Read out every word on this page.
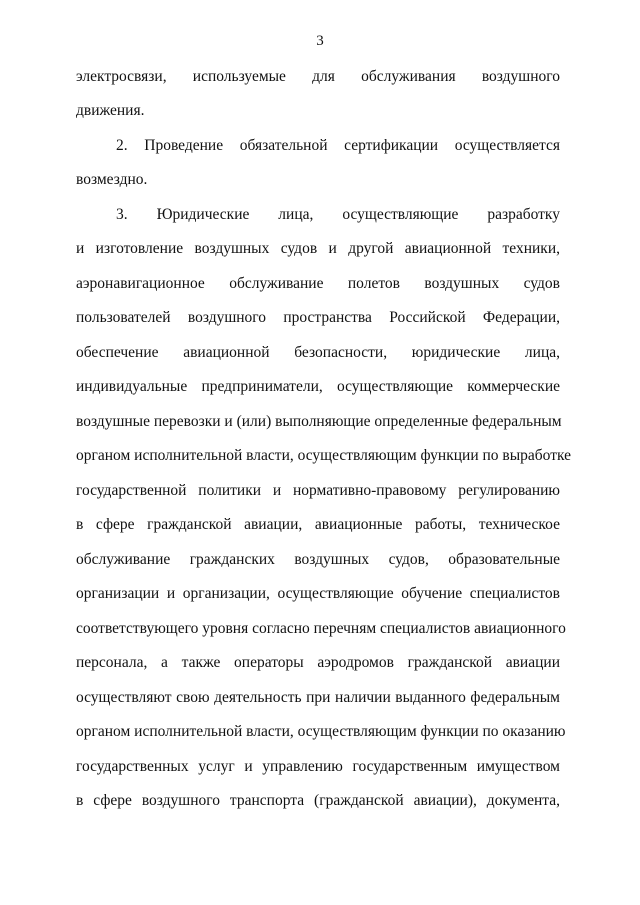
3
электросвязи, используемые для обслуживания воздушного
движения.
2. Проведение обязательной сертификации осуществляется
возмездно.
3. Юридические лица, осуществляющие разработку
и изготовление воздушных судов и другой авиационной техники,
аэронавигационное обслуживание полетов воздушных судов
пользователей воздушного пространства Российской Федерации,
обеспечение авиационной безопасности, юридические лица,
индивидуальные предприниматели, осуществляющие коммерческие
воздушные перевозки и (или) выполняющие определенные федеральным
органом исполнительной власти, осуществляющим функции по выработке
государственной политики и нормативно-правовому регулированию
в сфере гражданской авиации, авиационные работы, техническое
обслуживание гражданских воздушных судов, образовательные
организации и организации, осуществляющие обучение специалистов
соответствующего уровня согласно перечням специалистов авиационного
персонала, а также операторы аэродромов гражданской авиации
осуществляют свою деятельность при наличии выданного федеральным
органом исполнительной власти, осуществляющим функции по оказанию
государственных услуг и управлению государственным имуществом
в сфере воздушного транспорта (гражданской авиации), документа,
